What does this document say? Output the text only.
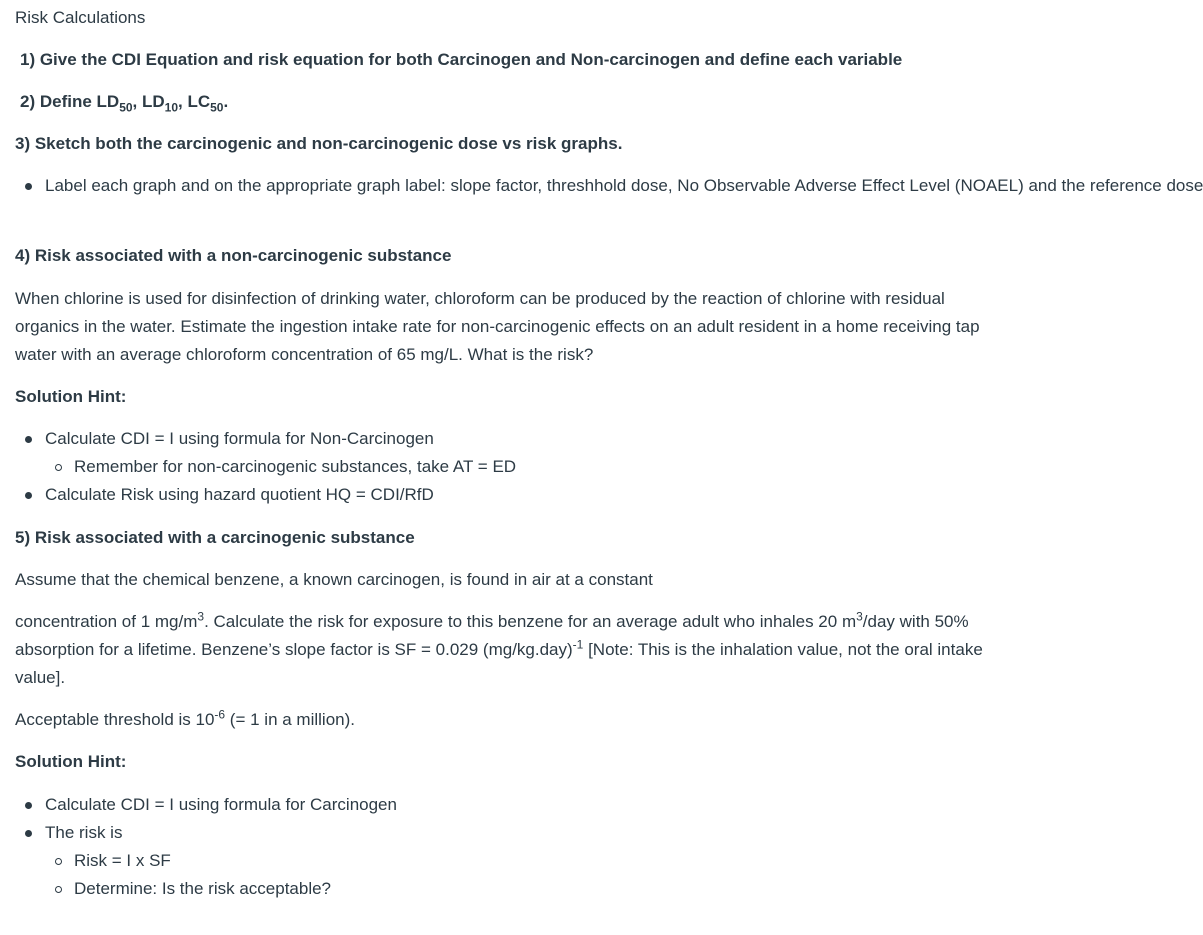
Risk Calculations
1) Give the CDI Equation and risk equation for both Carcinogen and Non-carcinogen and define each variable
2) Define $LD_{50}$, $LD_{10}$, $LC_{50}$.
3) Sketch both the carcinogenic and non-carcinogenic dose vs risk graphs.
Label each graph and on the appropriate graph label: slope factor, threshhold dose, No Observable Adverse Effect Level (NOAEL) and the reference dose
4) Risk associated with a non-carcinogenic substance
When chlorine is used for disinfection of drinking water, chloroform can be produced by the reaction of chlorine with residual organics in the water. Estimate the ingestion intake rate for non-carcinogenic effects on an adult resident in a home receiving tap water with an average chloroform concentration of 65 mg/L. What is the risk?
Solution Hint:
Calculate CDI = I using formula for Non-Carcinogen
Remember for non-carcinogenic substances, take AT = ED
Calculate Risk using hazard quotient HQ = CDI/RfD
5) Risk associated with a carcinogenic substance
Assume that the chemical benzene, a known carcinogen, is found in air at a constant
concentration of 1 $mg/m^3$. Calculate the risk for exposure to this benzene for an average adult who inhales 20 $m^3$/day with 50% absorption for a lifetime. Benzene’s slope factor is SF = 0.029 $(mg/kg.day)^{-1}$ [Note: This is the inhalation value, not the oral intake value].
Acceptable threshold is $10^{-6}$ (= 1 in a million).
Solution Hint:
Calculate CDI = I using formula for Carcinogen
The risk is
Risk = I x SF
Determine: Is the risk acceptable?
